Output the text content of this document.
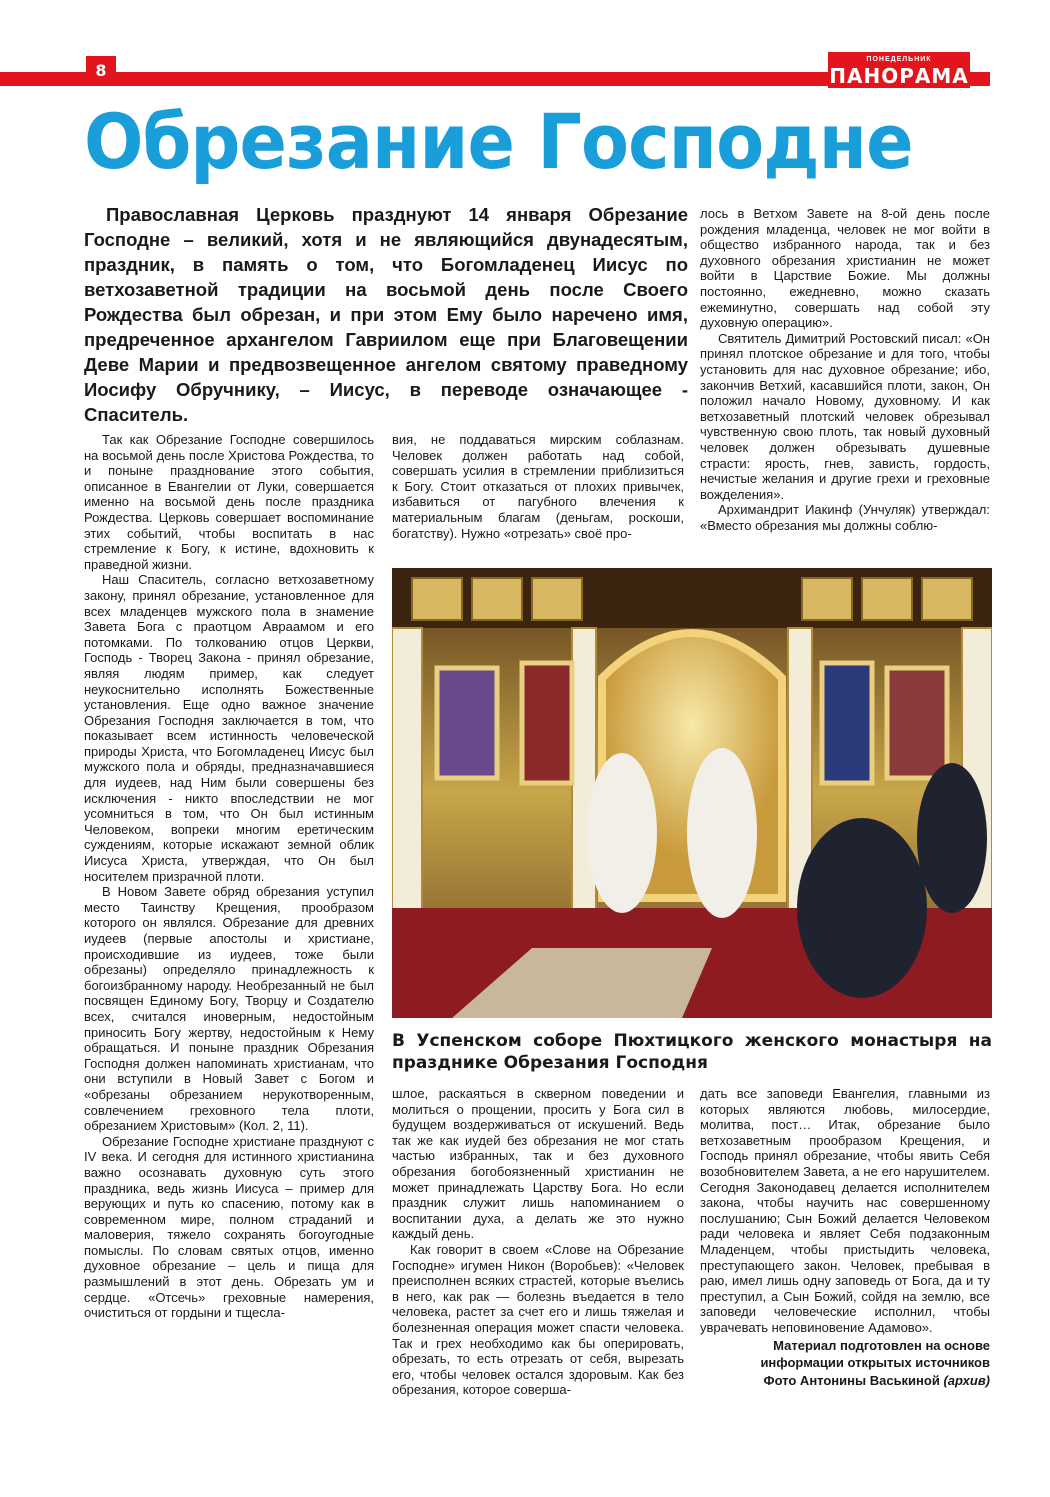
8
ПОНЕДЕЛЬНИК
ПАНОРАМА
Обрезание Господне
Православная Церковь празднуют 14 января Обрезание Господне – великий, хотя и не являющийся двунадесятым, праздник, в память о том, что Богомладенец Иисус по ветхозаветной традиции на восьмой день после Своего Рождества был обрезан, и при этом Ему было наречено имя, предреченное архангелом Гавриилом еще при Благовещении Деве Марии и предвозвещенное ангелом святому праведному Иосифу Обручнику, – Иисус, в переводе означающее - Спаситель.

лось в Ветхом Завете на 8-ой день после рождения младенца, человек не мог войти в общество избранного народа, так и без духовного обрезания христианин не может войти в Царствие Божие. Мы должны постоянно, ежедневно, можно сказать ежеминутно, совершать над собой эту духовную операцию».

Святитель Димитрий Ростовский писал: «Он принял плотское обрезание и для того, чтобы установить для нас духовное обрезание; ибо, закончив Ветхий, касавшийся плоти, закон, Он положил начало Новому, духовному. И как ветхозаветный плотский человек обрезывал чувственную свою плоть, так новый духовный человек должен обрезывать душевные страсти: ярость, гнев, зависть, гордость, нечистые желания и другие грехи и греховные вожделения».

Архимандрит Иакинф (Унчуляк) утверждал: «Вместо обрезания мы должны соблю-

Так как Обрезание Господне совершилось на восьмой день после Христова Рождества, то и поныне празднование этого события, описанное в Евангелии от Луки, совершается именно на восьмой день после праздника Рождества. Церковь совершает воспоминание этих событий, чтобы воспитать в нас стремление к Богу, к истине, вдохновить к праведной жизни.

Наш Спаситель, согласно ветхозаветному закону, принял обрезание, установленное для всех младенцев мужского пола в знамение Завета Бога с праотцом Авраамом и его потомками. По толкованию отцов Церкви, Господь - Творец Закона - принял обрезание, являя людям пример, как следует неукоснительно исполнять Божественные установления. Еще одно важное значение Обрезания Господня заключается в том, что показывает всем истинность человеческой природы Христа, что Богомладенец Иисус был мужского пола и обряды, предназначавшиеся для иудеев, над Ним были совершены без исключения - никто впоследствии не мог усомниться в том, что Он был истинным Человеком, вопреки многим еретическим суждениям, которые искажают земной облик Иисуса Христа, утверждая, что Он был носителем призрачной плоти.

В Новом Завете обряд обрезания уступил место Таинству Крещения, прообразом которого он являлся. Обрезание для древних иудеев (первые апостолы и христиане, происходившие из иудеев, тоже были обрезаны) определяло принадлежность к богоизбранному народу. Необрезанный не был посвящен Единому Богу, Творцу и Создателю всех, считался иноверным, недостойным приносить Богу жертву, недостойным к Нему обращаться. И поныне праздник Обрезания Господня должен напоминать христианам, что они вступили в Новый Завет с Богом и «обрезаны обрезанием нерукотворенным, совлечением греховного тела плоти, обрезанием Христовым» (Кол. 2, 11).

Обрезание Господне христиане празднуют с IV века. И сегодня для истинного христианина важно осознавать духовную суть этого праздника, ведь жизнь Иисуса – пример для верующих и путь ко спасению, потому как в современном мире, полном страданий и маловерия, тяжело сохранять богоугодные помыслы. По словам святых отцов, именно духовное обрезание – цель и пища для размышлений в этот день. Обрезать ум и сердце. «Отсечь» греховные намерения, очиститься от гордыни и тщесла-

вия, не поддаваться мирским соблазнам. Человек должен работать над собой, совершать усилия в стремлении приблизиться к Богу. Стоит отказаться от плохих привычек, избавиться от пагубного влечения к материальным благам (деньгам, роскоши, богатству). Нужно «отрезать» своё про-

В Успенском соборе Пюхтицкого женского монастыря на празднике Обрезания Господня

шлое, раскаяться в скверном поведении и молиться о прощении, просить у Бога сил в будущем воздерживаться от искушений. Ведь так же как иудей без обрезания не мог стать частью избранных, так и без духовного обрезания богобоязненный христианин не может принадлежать Царству Бога. Но если праздник служит лишь напоминанием о воспитании духа, а делать же это нужно каждый день.

Как говорит в своем «Слове на Обрезание Господне» игумен Никон (Воробьев): «Человек преисполнен всяких страстей, которые въелись в него, как рак — болезнь въедается в тело человека, растет за счет его и лишь тяжелая и болезненная операция может спасти человека. Так и грех необходимо как бы оперировать, обрезать, то есть отрезать от себя, вырезать его, чтобы человек остался здоровым. Как без обрезания, которое соверша-

дать все заповеди Евангелия, главными из которых являются любовь, милосердие, молитва, пост… Итак, обрезание было ветхозаветным прообразом Крещения, и Господь принял обрезание, чтобы явить Себя возобновителем Завета, а не его нарушителем. Сегодня Законодавец делается исполнителем закона, чтобы научить нас совершенному послушанию; Сын Божий делается Человеком ради человека и являет Себя подзаконным Младенцем, чтобы пристыдить человека, преступающего закон. Человек, пребывая в раю, имел лишь одну заповедь от Бога, да и ту преступил, а Сын Божий, сойдя на землю, все заповеди человеческие исполнил, чтобы уврачевать неповиновение Адамово».

Материал подготовлен на основе

информации открытых источников

Фото Антонины Васькиной (архив)
